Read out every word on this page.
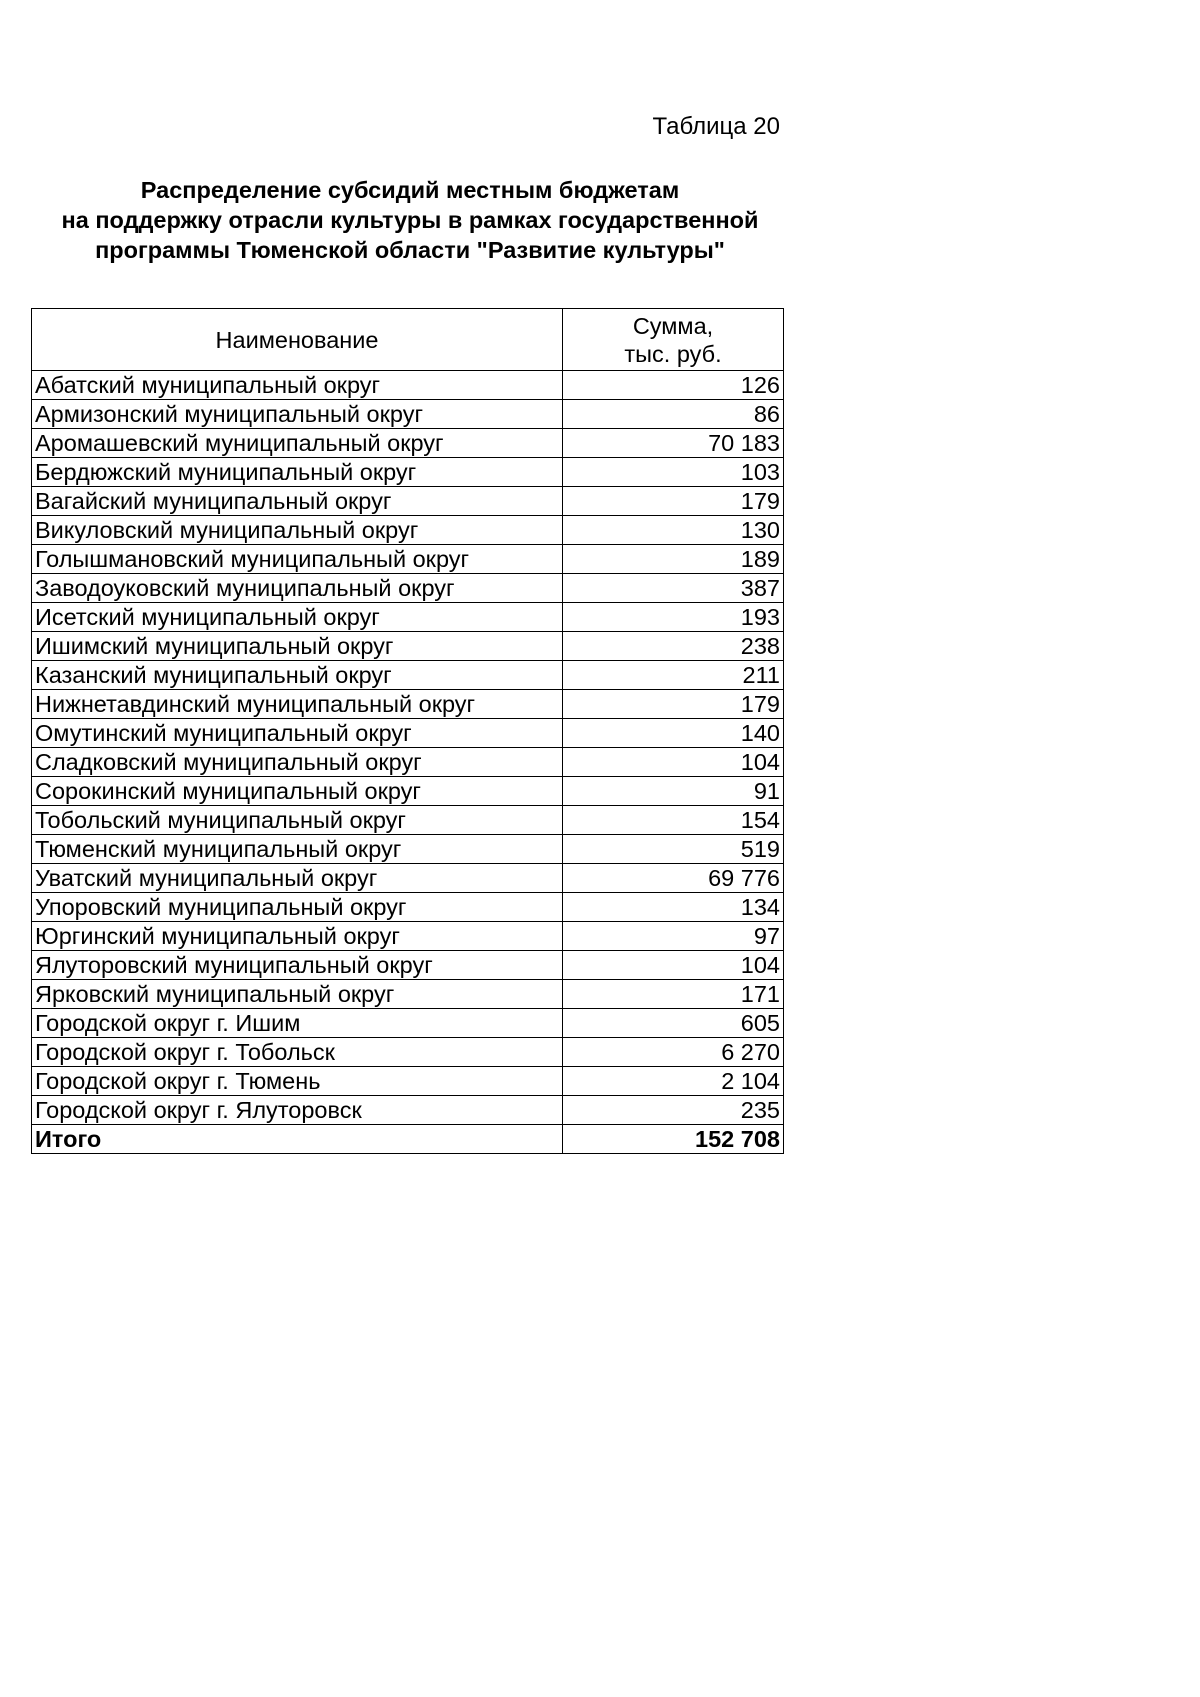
Таблица 20
Распределение субсидий местным бюджетам
на поддержку отрасли культуры в рамках государственной
программы Тюменской области "Развитие культуры"
Наименование	Сумма,
тыс. руб.

Абатский муниципальный округ	126
Армизонский муниципальный округ	86
Аромашевский муниципальный округ	70 183
Бердюжский муниципальный округ	103
Вагайский муниципальный округ	179
Викуловский муниципальный округ	130
Голышмановский муниципальный округ	189
Заводоуковский муниципальный округ	387
Исетский муниципальный округ	193
Ишимский муниципальный округ	238
Казанский муниципальный округ	211
Нижнетавдинский муниципальный округ	179
Омутинский муниципальный округ	140
Сладковский муниципальный округ	104
Сорокинский муниципальный округ	91
Тобольский муниципальный округ	154
Тюменский муниципальный округ	519
Уватский муниципальный округ	69 776
Упоровский муниципальный округ	134
Юргинский муниципальный округ	97
Ялуторовский муниципальный округ	104
Ярковский муниципальный округ	171
Городской округ г. Ишим	605
Городской округ г. Тобольск	6 270
Городской округ г. Тюмень	2 104
Городской округ г. Ялуторовск	235
Итого	152 708
